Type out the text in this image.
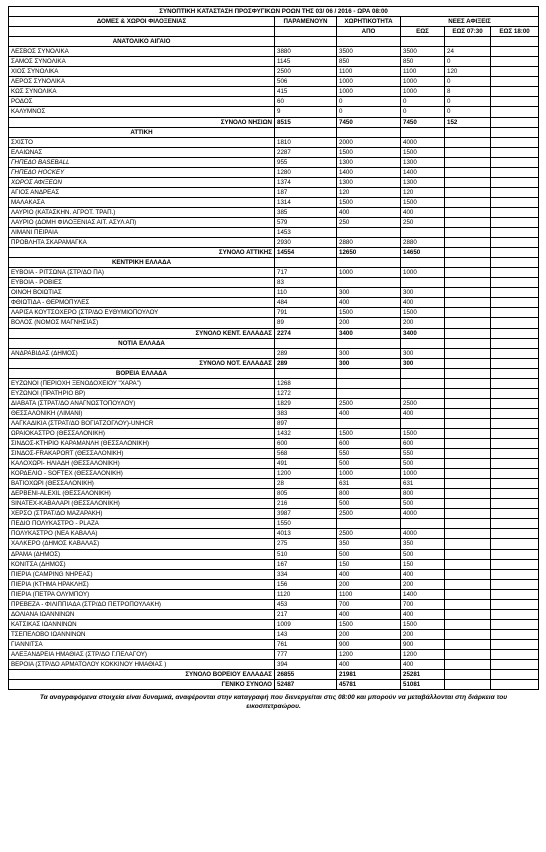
ΣΥΝΟΠΤΙΚΗ ΚΑΤΑΣΤΑΣΗ ΠΡΟΣΦΥΓΙΚΩΝ ΡΟΩΝ ΤΗΣ 03/ 06 / 2016 - ΩΡΑ 08:00					
ΔΟΜΕΣ & ΧΩΡΟΙ ΦΙΛΟΞΕΝΙΑΣ	ΠΑΡΑΜΕΝΟΥΝ	ΧΩΡΗΤΙΚΟΤΗΤΑ	ΝΕΕΣ ΑΦΙΞΕΙΣ		
		ΑΠΟ	ΕΩΣ	ΕΩΣ 07:30	ΕΩΣ 18:00
ΑΝΑΤΟΛΙΚΟ ΑΙΓΑΙΟ					
ΛΕΣΒΟΣ ΣΥΝΟΛΙΚΑ	3880	3500	3500	24	
ΣΑΜΟΣ ΣΥΝΟΛΙΚΑ	1145	850	850	0	
ΧΙΟΣ ΣΥΝΟΛΙΚΑ	2500	1100	1100	120	
ΛΕΡΟΣ ΣΥΝΟΛΙΚΑ	506	1000	1000	0	
ΚΩΣ ΣΥΝΟΛΙΚΑ	415	1000	1000	8	
ΡΟΔΟΣ	60	0	0	0	
ΚΑΛΥΜΝΟΣ	9	0	0	0	
ΣΥΝΟΛΟ ΝΗΣΙΩΝ	8515	7450	7450	152	
ΑΤΤΙΚΗ					
ΣΧΙΣΤΟ	1810	2000	4000		
ΕΛΑΙΩΝΑΣ	2287	1500	1500		
ΓΗΠΕΔΟ BASEBALL	955	1300	1300		
ΓΗΠΕΔΟ HOCKEY	1280	1400	1400		
ΧΩΡΟΣ ΑΦΙΞΕΩΝ	1374	1300	1300		
ΑΓΙΟΣ ΑΝΔΡΕΑΣ	187	120	120		
ΜΑΛΑΚΑΣΑ	1314	1500	1500		
ΛΑΥΡΙΟ (ΚΑΤΑΣΚΗΝ. ΑΓΡΟΤ. ΤΡΑΠ.)	385	400	400		
ΛΑΥΡΙΟ (ΔΟΜΗ ΦΙΛΟΞΕΝΙΑΣ ΑΙΤ. ΑΣΥΛ ΑΠ)	579	250	250		
ΛΙΜΑΝΙ ΠΕΙΡΑΙΑ	1453				
ΠΡΟΒΛΗΤΑ ΣΚΑΡΑΜΑΓΚΑ	2930	2880	2880		
ΣΥΝΟΛΟ ΑΤΤΙΚΗΣ	14554	12650	14650		
ΚΕΝΤΡΙΚΗ ΕΛΛΑΔΑ					
ΕΥΒΟΙΑ - ΡΙΤΣΩΝΑ (ΣΤΡ/ΔΟ ΠΑ)	717	1000	1000		
ΕΥΒΟΙΑ - ΡΟΒΙΕΣ	83				
ΟΙΝΟΗ ΒΟΙΩΤΙΑΣ	110	300	300		
ΦΘΙΩΤΙΔΑ - ΘΕΡΜΟΠΥΛΕΣ	484	400	400		
ΛΑΡΙΣΑ ΚΟΥΤΣΟΧΕΡΟ (ΣΤΡ/ΔΟ ΕΥΘΥΜΙΟΠΟΥΛΟΥ	791	1500	1500		
ΒΟΛΟΣ (ΝΟΜΟΣ ΜΑΓΝΗΣΙΑΣ)	89	200	200		
ΣΥΝΟΛΟ ΚΕΝΤ. ΕΛΛΑΔΑΣ	2274	3400	3400		
ΝΟΤΙΑ ΕΛΛΑΔΑ					
ΑΝΔΡΑΒΙΔΑΣ (ΔΗΜΟΣ)	289	300	300		
ΣΥΝΟΛΟ ΝΟΤ. ΕΛΛΑΔΑΣ	289	300	300		
ΒΟΡΕΙΑ ΕΛΛΑΔΑ					
ΕΥΖΩΝΟΙ (ΠΕΡΙΟΧΗ ΞΕΝΟΔΟΧΕΙΟΥ "ΧΑΡΑ")	1268				
ΕΥΖΩΝΟΙ (ΠΡΑΤΗΡΙΟ BP)	1272				
ΔΙΑΒΑΤΑ (ΣΤΡΑΤ/ΔΟ ΑΝΑΓΝΩΣΤΟΠΟΥΛΟΥ)	1829	2500	2500		
ΘΕΣΣΑΛΟΝΙΚΗ (ΛΙΜΑΝΙ)	383	400	400		
ΛΑΓΚΑΔΙΚΙΑ (ΣΤΡΑΤ/ΔΟ ΒΟΓΙΑΤΖΟΓΛΟΥ)-UNHCR	897				
ΩΡΑΙΟΚΑΣΤΡΟ (ΘΕΣΣΑΛΟΝΙΚΗ)	1432	1500	1500		
ΣΙΝΔΟΣ-ΚΤΗΡΙΟ ΚΑΡΑΜΑΝΛΗ (ΘΕΣΣΑΛΟΝΙΚΗ)	600	600	600		
ΣΙΝΔΟΣ-FRAKAPORT (ΘΕΣΣΑΛΟΝΙΚΗ)	568	550	550		
ΚΑΛΟΧΩΡΙ- ΗΛΙΑΔΗ (ΘΕΣΣΑΛΟΝΙΚΗ)	491	500	500		
ΚΟΡΔΕΛΙΟ - SOFTEX (ΘΕΣΣΑΛΟΝΙΚΗ)	1200	1000	1000		
ΒΑΤΙΟΧΩΡΙ (ΘΕΣΣΑΛΟΝΙΚΗ)	28	631	631		
ΔΕΡΒΕΝΙ-ALEXIL (ΘΕΣΣΑΛΟΝΙΚΗ)	805	800	800		
SINATEX-ΚΑΒΑΛΑΡΙ (ΘΕΣΣΑΛΟΝΙΚΗ)	216	500	500		
ΧΕΡΣΟ (ΣΤΡΑΤ/ΔΟ ΜΑΖΑΡΑΚΗ)	3987	2500	4000		
ΠΕΔΙΟ ΠΟΛΥΚΑΣΤΡΟ - PLAZA	1550				
ΠΟΛΥΚΑΣΤΡΟ (ΝΕΑ ΚΑΒΑΛΑ)	4013	2500	4000		
ΧΑΛΚΕΡΟ (ΔΗΜΟΣ ΚΑΒΑΛΑΣ)	275	350	350		
ΔΡΑΜΑ (ΔΗΜΟΣ)	510	500	500		
ΚΟΝΙΤΣΑ (ΔΗΜΟΣ)	167	150	150		
ΠΙΕΡΙΑ (CAMPING ΝΗΡΕΑΣ)	334	400	400		
ΠΙΕΡΙΑ (ΚΤΗΜΑ ΗΡΑΚΛΗΣ)	156	200	200		
ΠΙΕΡΙΑ (ΠΕΤΡΑ ΟΛΥΜΠΟΥ)	1120	1100	1400		
ΠΡΕΒΕΖΑ - ΦΙΛΙΠΠΙΑΔΑ (ΣΤΡ/ΔΟ ΠΕΤΡΟΠΟΥΛΑΚΗ)	453	700	700		
ΔΟΛΙΑΝΑ ΙΩΑΝΝΙΝΩΝ	217	400	400		
ΚΑΤΣΙΚΑΣ ΙΩΑΝΝΙΝΩΝ	1009	1500	1500		
ΤΣΕΠΕΛΟΒΟ ΙΩΑΝΝΙΝΩΝ	143	200	200		
ΓΙΑΝΝΙΤΣΑ	761	900	900		
ΑΛΕΞΑΝΔΡΕΙΑ ΗΜΑΘΙΑΣ (ΣΤΡ/ΔΟ Γ.ΠΕΛΑΓΟΥ)	777	1200	1200		
ΒΕΡΟΙΑ (ΣΤΡ/ΔΟ ΑΡΜΑΤΟΛΟΥ ΚΟΚΚΙΝΟΥ ΗΜΑΘΙΑΣ )	394	400	400		
ΣΥΝΟΛΟ ΒΟΡΕΙΟΥ ΕΛΛΑΔΑΣ	26855	21981	25281		
ΓΕΝΙΚΟ ΣΥΝΟΛΟ	52487	45781	51081		
Τα αναγραφόμενα στοιχεία είναι δυναμικά, αναφέρονται στην καταγραφή που διενεργείται στις 08:00 και μπορούν να μεταβάλλονται στη διάρκεια του εικοσιτετραώρου.					
